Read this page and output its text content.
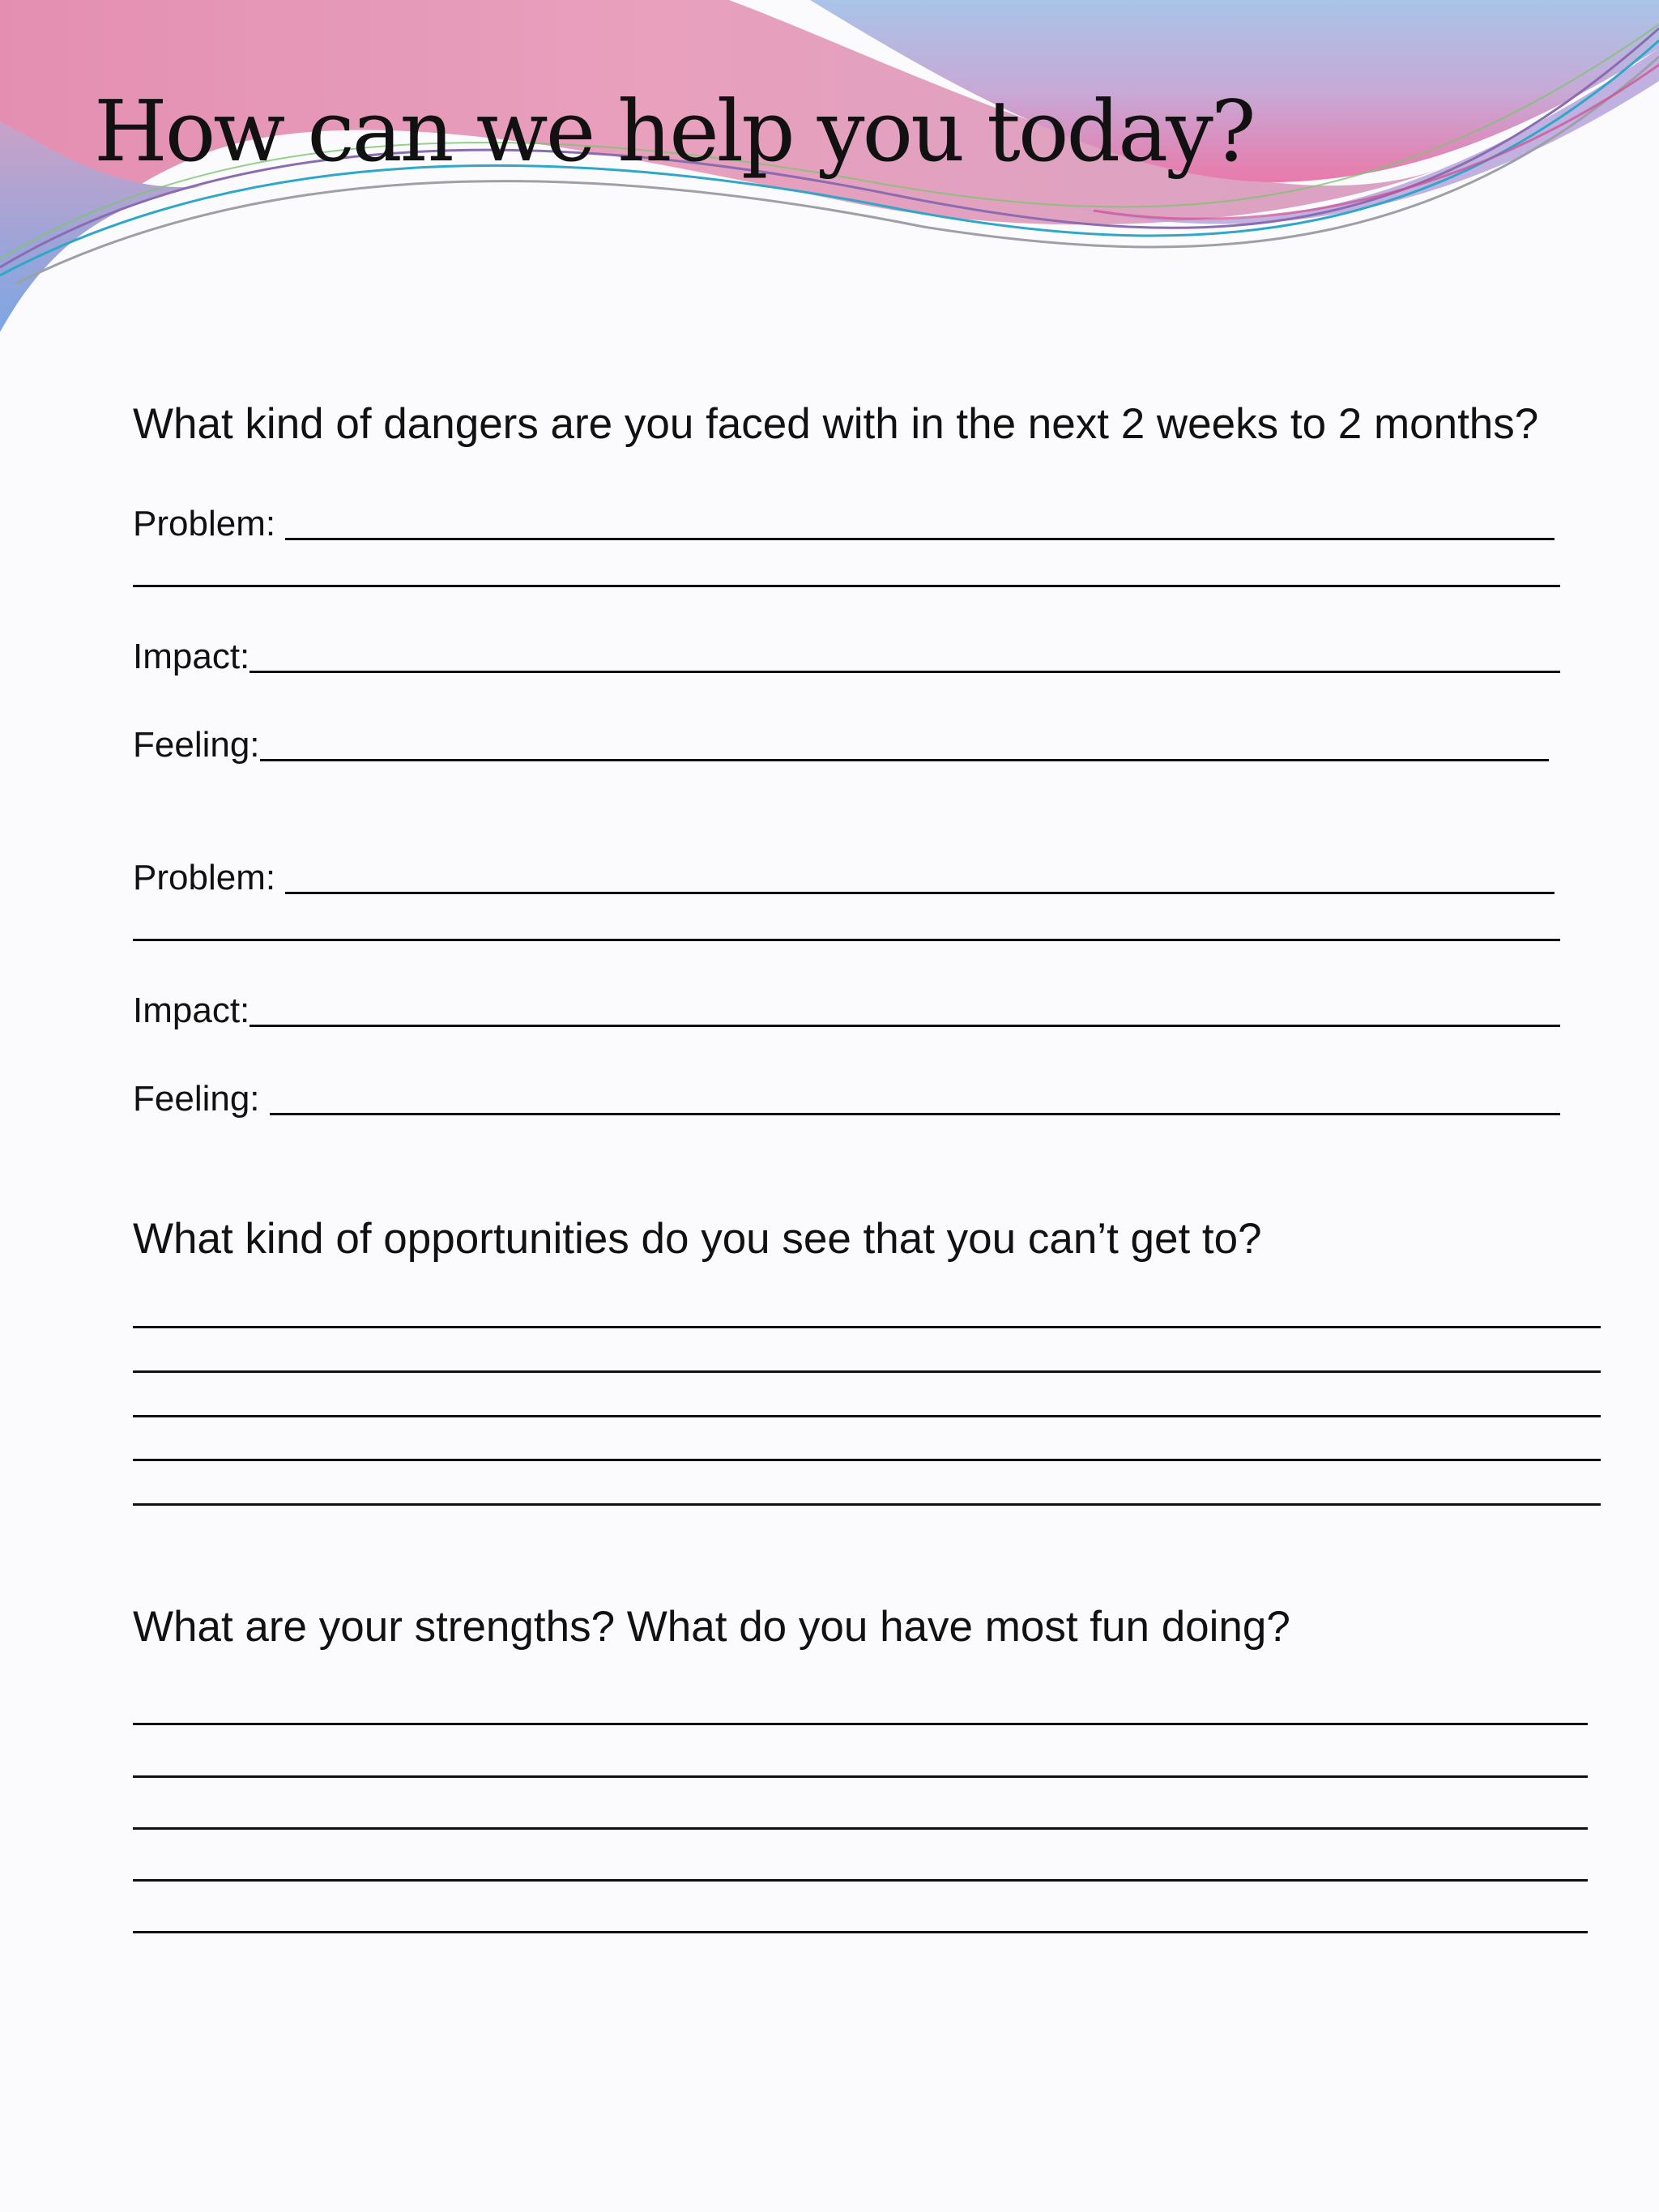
How can we help you today?

What kind of dangers are you faced with in the next 2 weeks to 2 months?

Problem:
Impact:
Feeling:
Problem:
Impact:
Feeling:

What kind of opportunities do you see that you can’t get to?

What are your strengths? What do you have most fun doing?
